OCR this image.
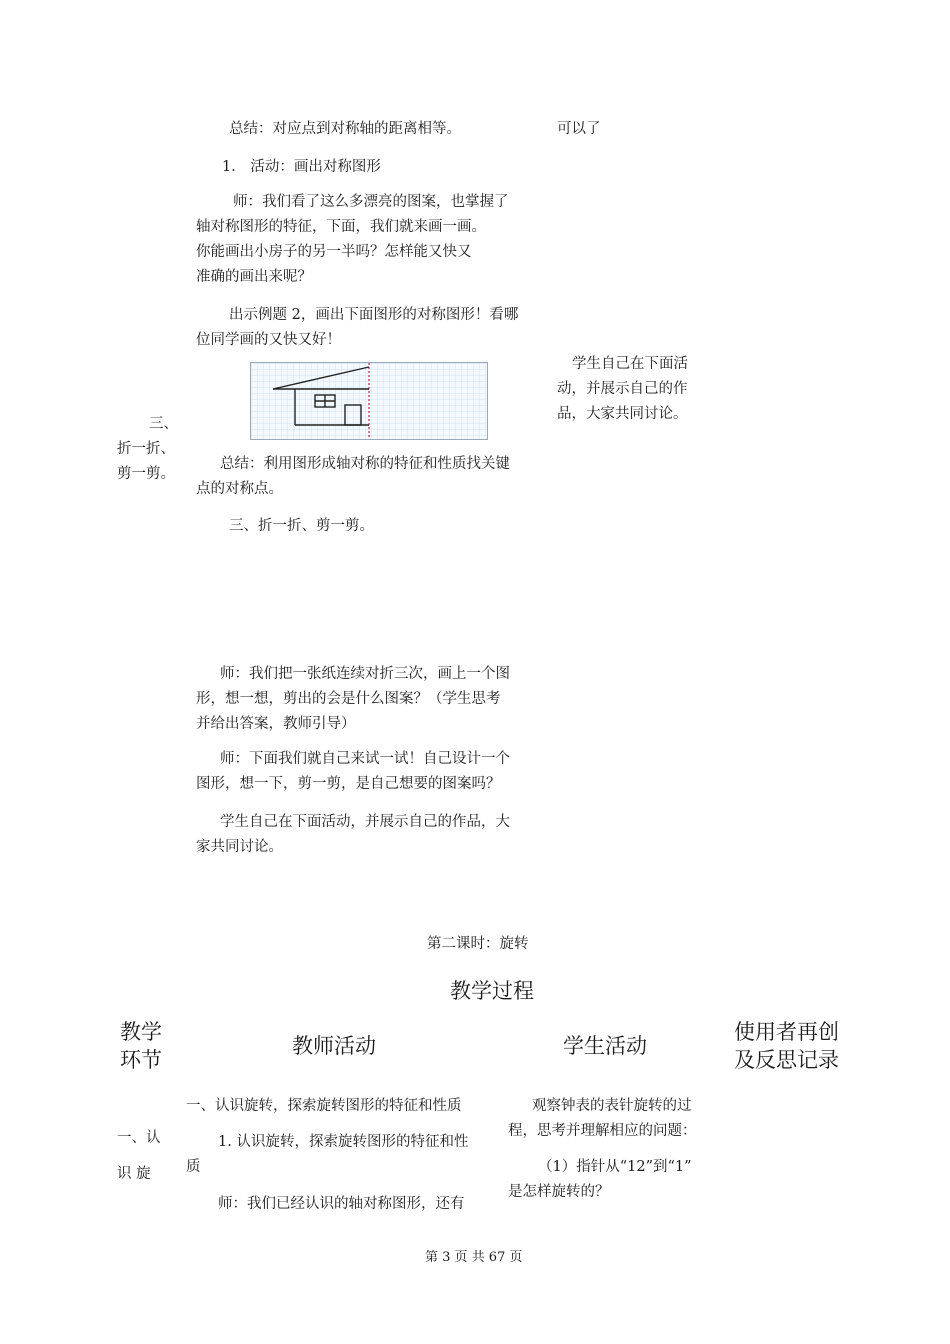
总结：对应点到对称轴的距离相等。	可以了
1． 活动：画出对称图形
师：我们看了这么多漂亮的图案，也掌握了
轴对称图形的特征，下面，我们就来画一画。
你能画出小房子的另一半吗？怎样能又快又
准确的画出来呢？
出示例题 2，画出下面图形的对称图形！看哪
位同学画的又快又好！
学生自己在下面活
动，并展示自己的作
品，大家共同讨论。
三、
折一折、
剪一剪。
总结：利用图形成轴对称的特征和性质找关键
点的对称点。
三、折一折、剪一剪。
师：我们把一张纸连续对折三次，画上一个图
形，想一想，剪出的会是什么图案？（学生思考
并给出答案，教师引导）
师：下面我们就自己来试一试！自己设计一个
图形，想一下，剪一剪，是自己想要的图案吗？
学生自己在下面活动，并展示自己的作品，大
家共同讨论。
第二课时：旋转
教学过程
教学
环节
教师活动	学生活动
使用者再创
及反思记录
一、认
识 旋
一、认识旋转，探索旋转图形的特征和性质
1. 认识旋转，探索旋转图形的特征和性
质
师：我们已经认识的轴对称图形，还有
观察钟表的表针旋转的过
程，思考并理解相应的问题：
（1）指针从“12”到“1”
是怎样旋转的？
第 3 页 共 67 页
